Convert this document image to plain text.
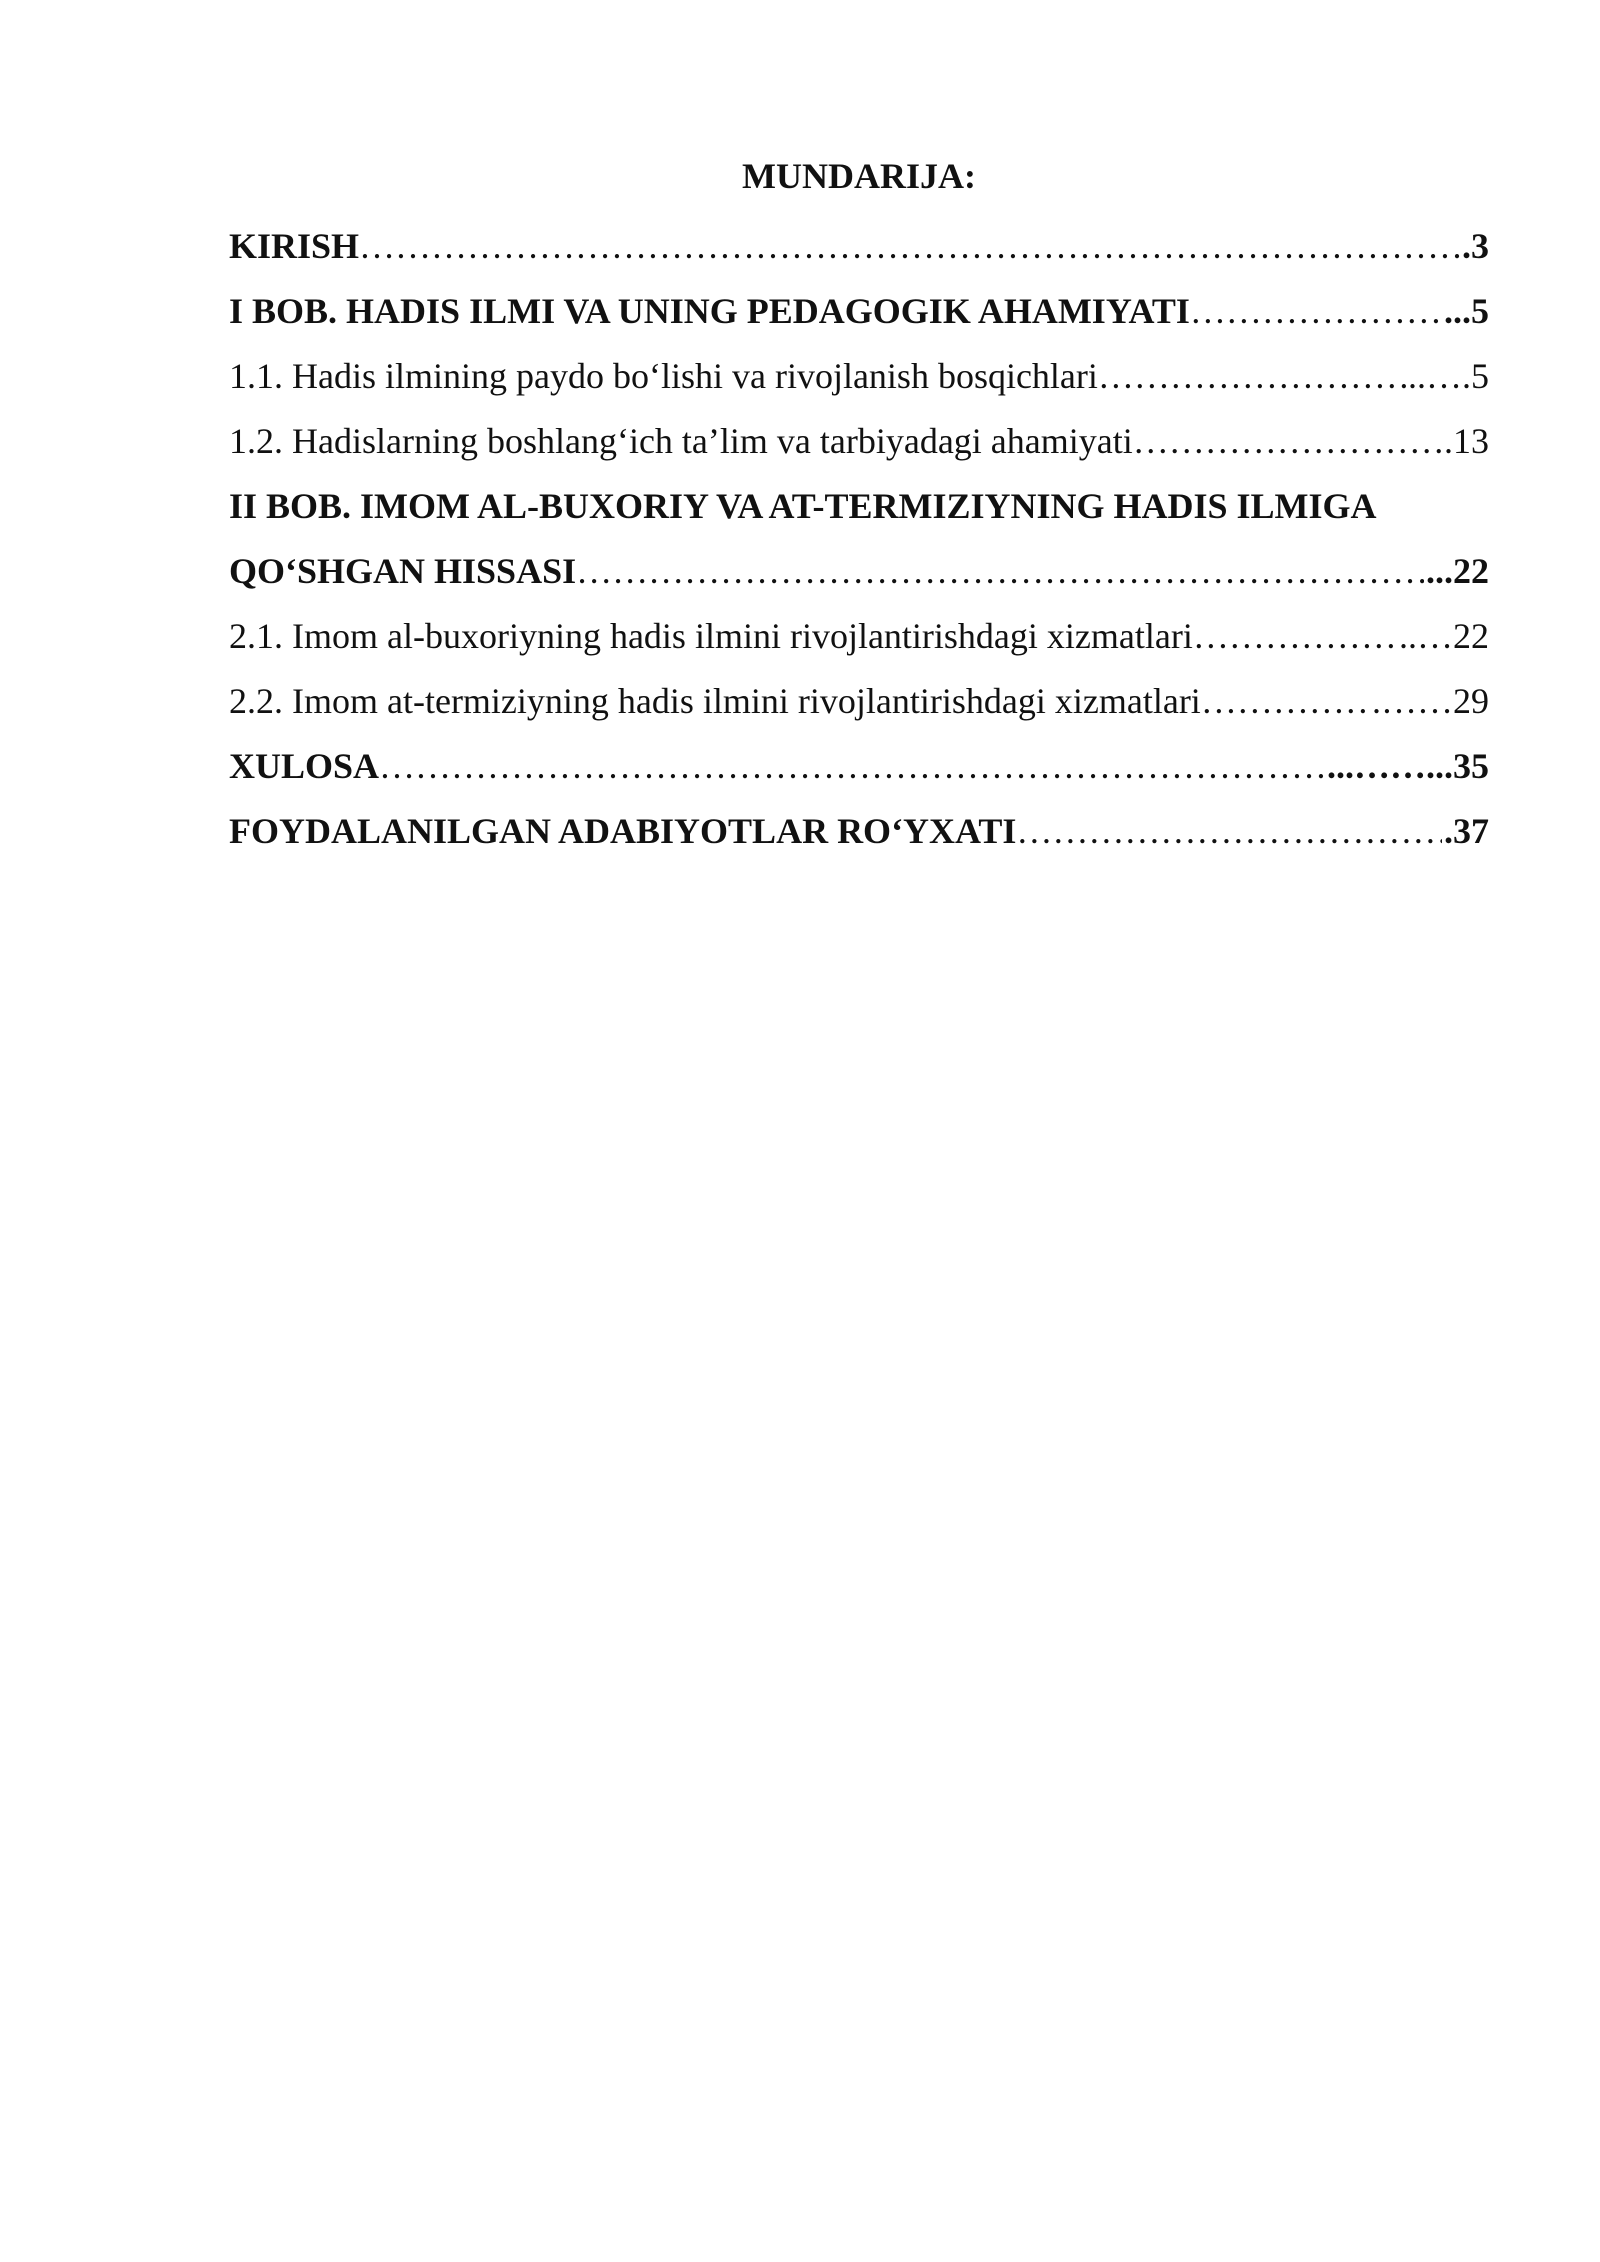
MUNDARIJA:
KIRISH ……………………………………………………………………………………………………………………………………………………………………………………	.3
I BOB. HADIS ILMI VA UNING PEDAGOGIK AHAMIYATI ……………………………………………………………………………………………………………………………………………………………………………………	...5
1.1. Hadis ilmining paydo bo‘lishi va rivojlanish bosqichlari ……………………………………………………………………………………………………………………………………………………………………………………	..….5
1.2. Hadislarning boshlang‘ich ta’lim va tarbiyadagi ahamiyati ……………………………………………………………………………………………………………………………………………………………………………………	.13
II BOB. IMOM AL-BUXORIY VA AT-TERMIZIYNING HADIS ILMIGA
QO‘SHGAN HISSASI ……………………………………………………………………………………………………………………………………………………………………………………	...22
2.1. Imom al-buxoriyning hadis ilmini rivojlantirishdagi xizmatlari ……………………………………………………………………………………………………………………………………………………………………………………	..…22
2.2. Imom at-termiziyning hadis ilmini rivojlantirishdagi xizmatlari ……………………………………………………………………………………………………………………………………………………………………………………	.……29
XULOSA ……………………………………………………………………………………………………………………………………………………………………………………	...……...35
FOYDALANILGAN ADABIYOTLAR RO‘YXATI ……………………………………………………………………………………………………………………………………………………………………………………	.37
